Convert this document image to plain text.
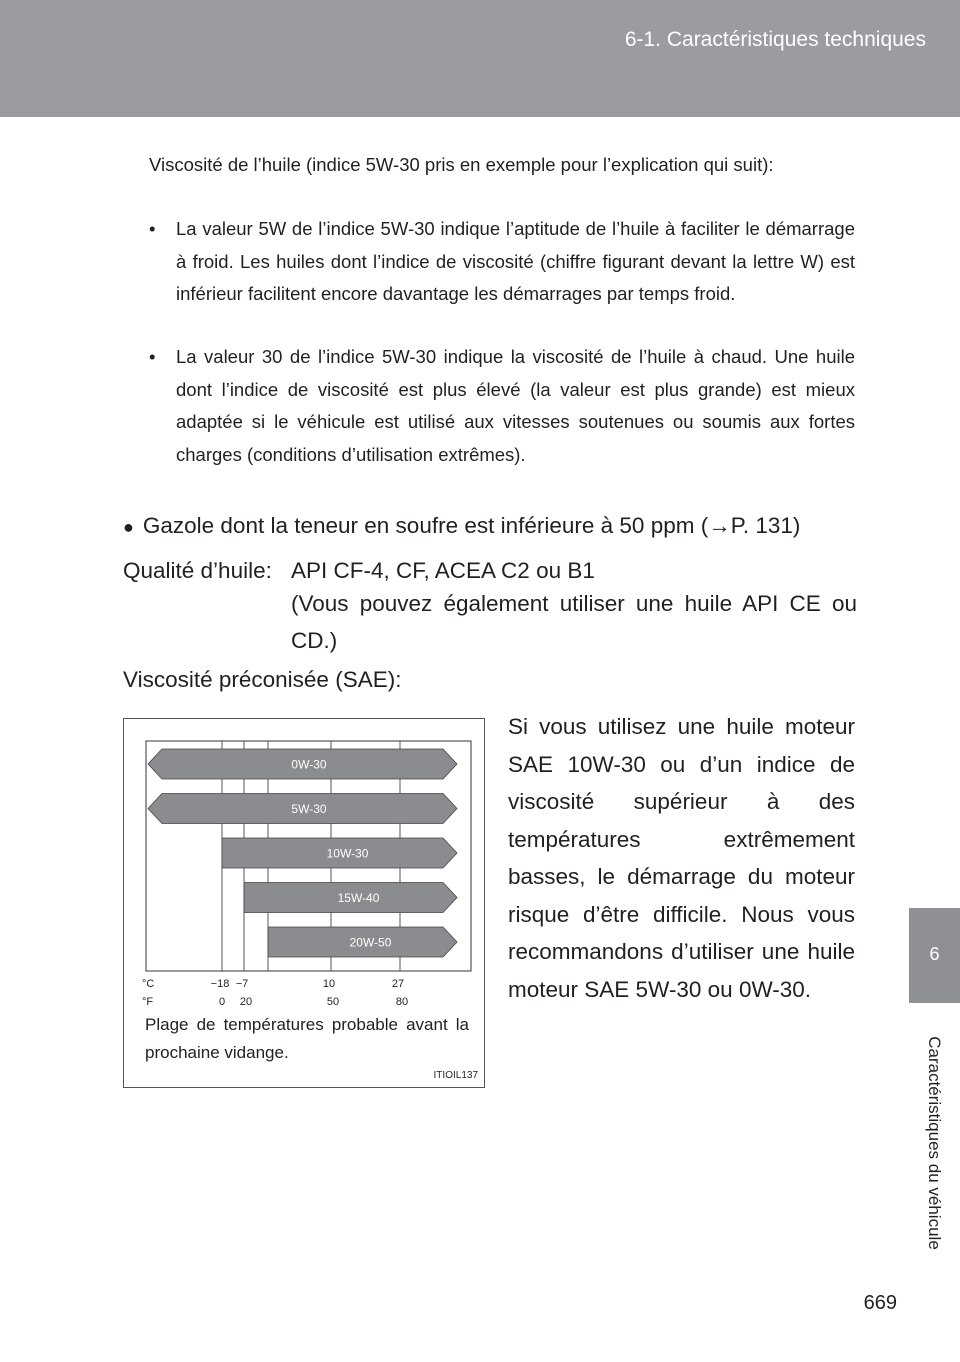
6-1. Caractéristiques techniques
6
Caractéristiques du véhicule
Viscosité de l’huile (indice 5W-30 pris en exemple pour l’explication qui suit):
• La valeur 5W de l’indice 5W-30 indique l’aptitude de l’huile à faciliter le démarrage à froid. Les huiles dont l’indice de viscosité (chiffre figurant devant la lettre W) est inférieur facilitent encore davantage les démarrages par temps froid.
• La valeur 30 de l’indice 5W-30 indique la viscosité de l’huile à chaud. Une huile dont l’indice de viscosité est plus élevé (la valeur est plus grande) est mieux adaptée si le véhicule est utilisé aux vitesses soutenues ou soumis aux fortes charges (conditions d’utilisation extrêmes).
● Gazole dont la teneur en soufre est inférieure à 50 ppm (→P. 131)
Qualité d’huile: API CF-4, CF, ACEA C2 ou B1
(Vous pouvez également utiliser une huile API CE ou CD.)
Viscosité préconisée (SAE):
0W-30
5W-30
10W-30
15W-40
20W-50
°C
°F
−18 −7	10	27
0 20	50	80
Plage de températures probable avant la prochaine vidange.
ITIOIL137
Si vous utilisez une huile moteur SAE 10W-30 ou d’un indice de viscosité supérieur à des températures extrêmement basses, le démarrage du moteur risque d’être difficile. Nous vous recommandons d’utiliser une huile moteur SAE 5W-30 ou 0W-30.
669
